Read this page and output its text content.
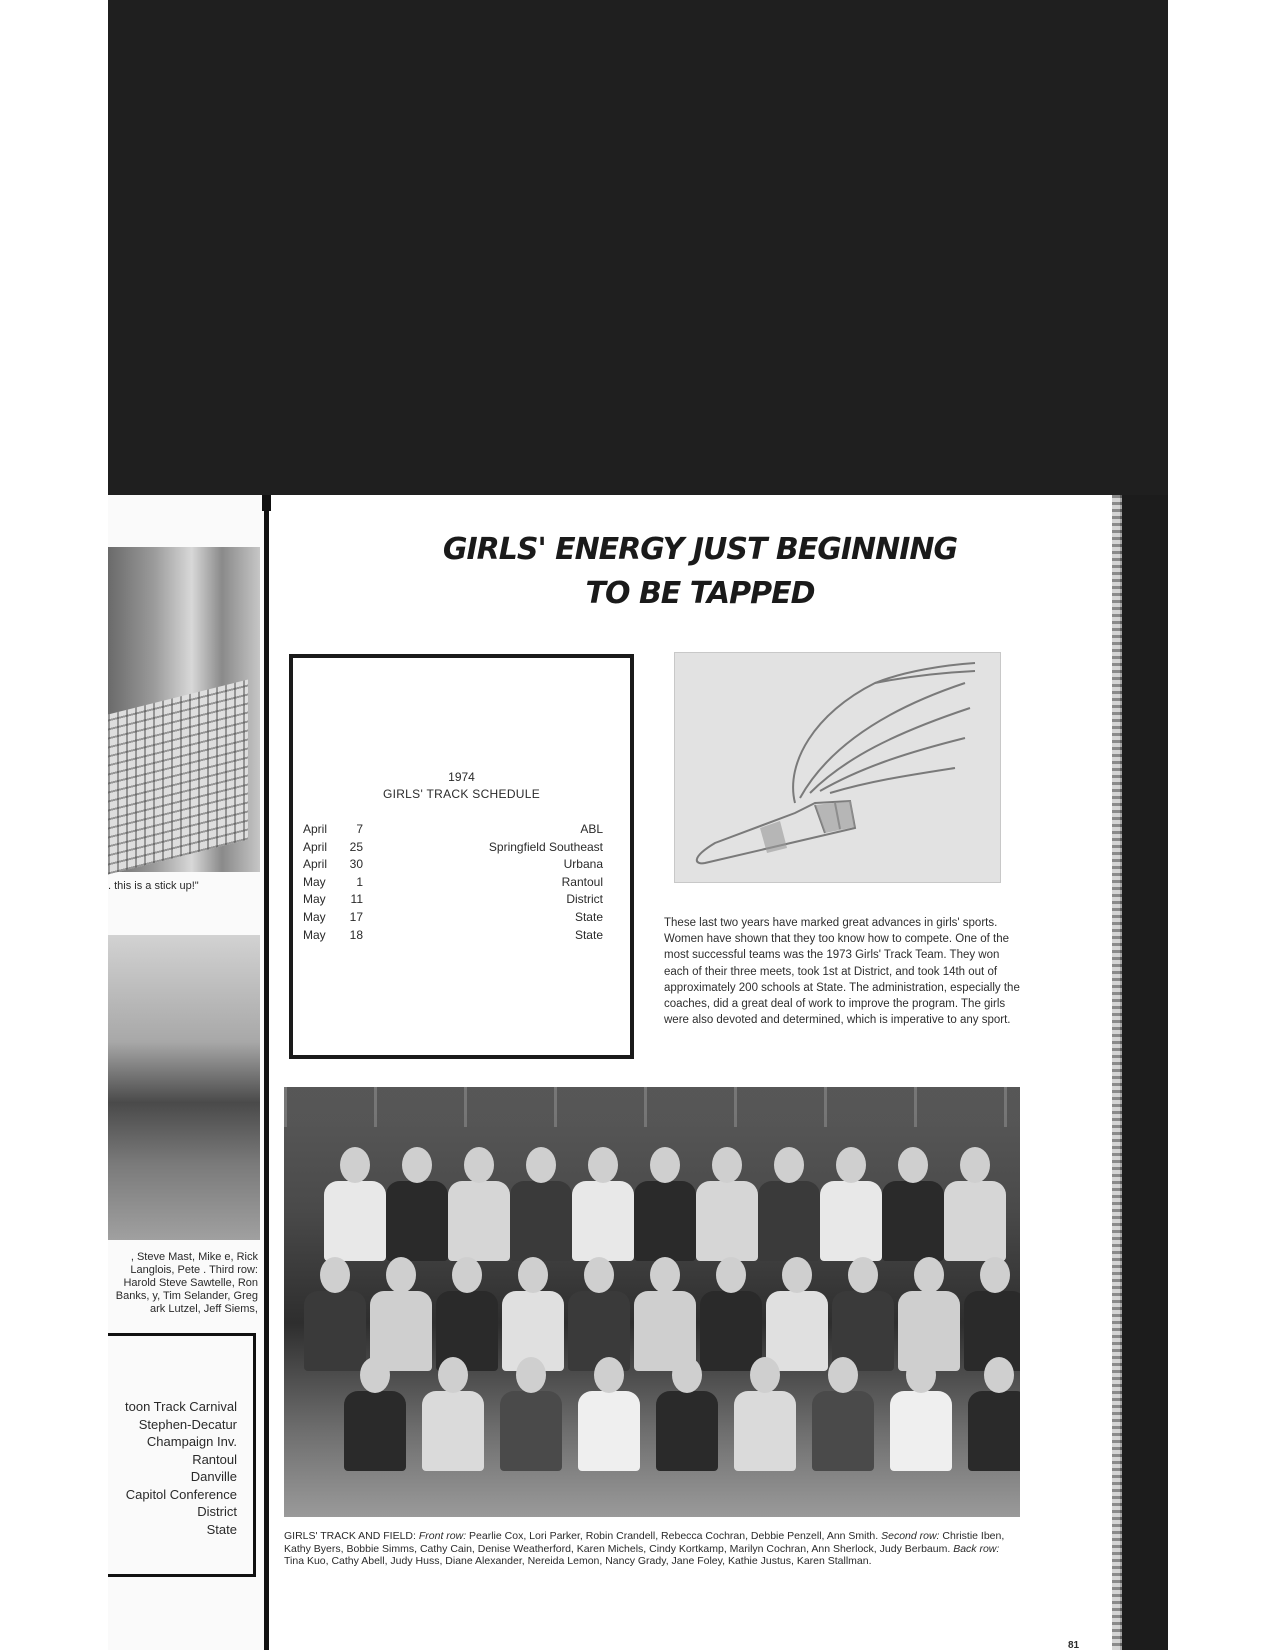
. this is a stick up!"
, Steve Mast, Mike e, Rick Langlois, Pete . Third row: Harold Steve Sawtelle, Ron Banks, y, Tim Selander, Greg ark Lutzel, Jeff Siems,
toon Track Carnival
Stephen-Decatur
Champaign Inv.
Rantoul
Danville
Capitol Conference
District
State
GIRLS' ENERGY JUST BEGINNING
TO BE TAPPED
1974
GIRLS' TRACK SCHEDULE
April	7	ABL
April	25	Springfield Southeast
April	30	Urbana
May	1	Rantoul
May	11	District
May	17	State
May	18	State
These last two years have marked great advances in girls' sports. Women have shown that they too know how to compete. One of the most successful teams was the 1973 Girls' Track Team. They won each of their three meets, took 1st at District, and took 14th out of approximately 200 schools at State. The administration, especially the coaches, did a great deal of work to improve the program. The girls were also devoted and determined, which is imperative to any sport.
GIRLS' TRACK AND FIELD: Front row: Pearlie Cox, Lori Parker, Robin Crandell, Rebecca Cochran, Debbie Penzell, Ann Smith. Second row: Christie Iben, Kathy Byers, Bobbie Simms, Cathy Cain, Denise Weatherford, Karen Michels, Cindy Kortkamp, Marilyn Cochran, Ann Sherlock, Judy Berbaum. Back row: Tina Kuo, Cathy Abell, Judy Huss, Diane Alexander, Nereida Lemon, Nancy Grady, Jane Foley, Kathie Justus, Karen Stallman.
81
